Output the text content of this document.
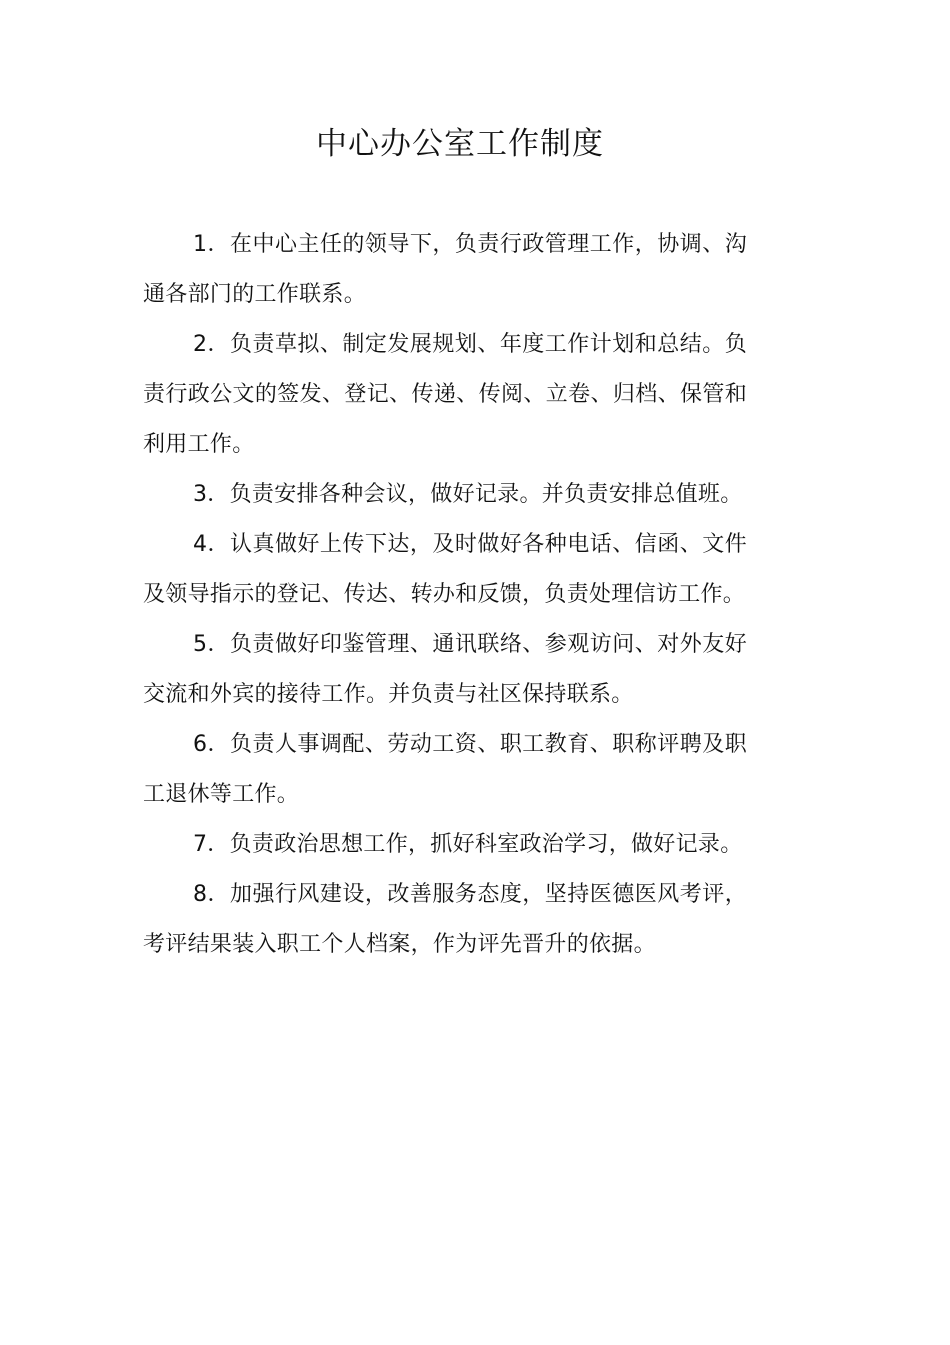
中心办公室工作制度

1．在中心主任的领导下，负责行政管理工作，协调、沟通各部门的工作联系。

2．负责草拟、制定发展规划、年度工作计划和总结。负责行政公文的签发、登记、传递、传阅、立卷、归档、保管和利用工作。

3．负责安排各种会议，做好记录。并负责安排总值班。

4．认真做好上传下达，及时做好各种电话、信函、文件及领导指示的登记、传达、转办和反馈，负责处理信访工作。

5．负责做好印鉴管理、通讯联络、参观访问、对外友好交流和外宾的接待工作。并负责与社区保持联系。

6．负责人事调配、劳动工资、职工教育、职称评聘及职工退休等工作。

7．负责政治思想工作，抓好科室政治学习，做好记录。

8．加强行风建设，改善服务态度，坚持医德医风考评，考评结果装入职工个人档案，作为评先晋升的依据。
